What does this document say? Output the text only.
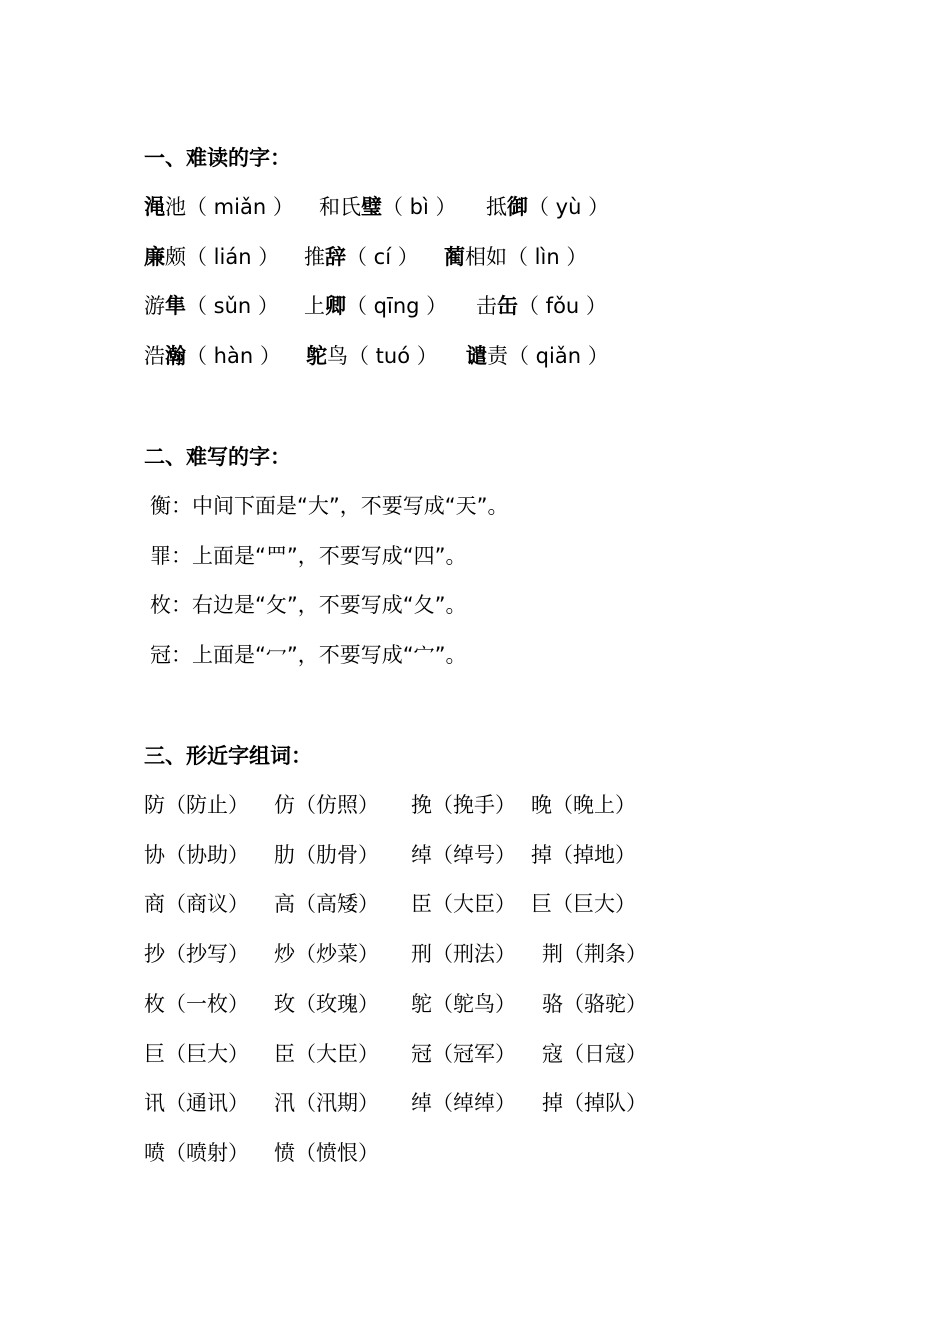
一、难读的字：
渑池（ miǎn ） 和氏璧（ bì ） 抵御（ yù ）
廉颇（ lián ） 推辞（ cí ） 蔺相如（ lìn ）
游隼（ sǔn ） 上卿（ qīng ） 击缶（ fǒu ）
浩瀚（ hàn ） 鸵鸟（ tuó ） 谴责（ qiǎn ）
二、难写的字：
衡：中间下面是“大”，不要写成“天”。
罪：上面是“罒”，不要写成“四”。
枚：右边是“攵”，不要写成“夂”。
冠：上面是“冖”，不要写成“宀”。
三、形近字组词：
防（防止） 仿（仿照） 挽（挽手） 晚（晚上）
协（协助） 肋（肋骨） 绰（绰号） 掉（掉地）
商（商议） 高（高矮） 臣（大臣） 巨（巨大）
抄（抄写） 炒（炒菜） 刑（刑法） 荆（荆条）
枚（一枚） 玫（玫瑰） 鸵（鸵鸟） 骆（骆驼）
巨（巨大） 臣（大臣） 冠（冠军） 寇（日寇）
讯（通讯） 汛（汛期） 绰（绰绰） 掉（掉队）
喷（喷射） 愤（愤恨）
